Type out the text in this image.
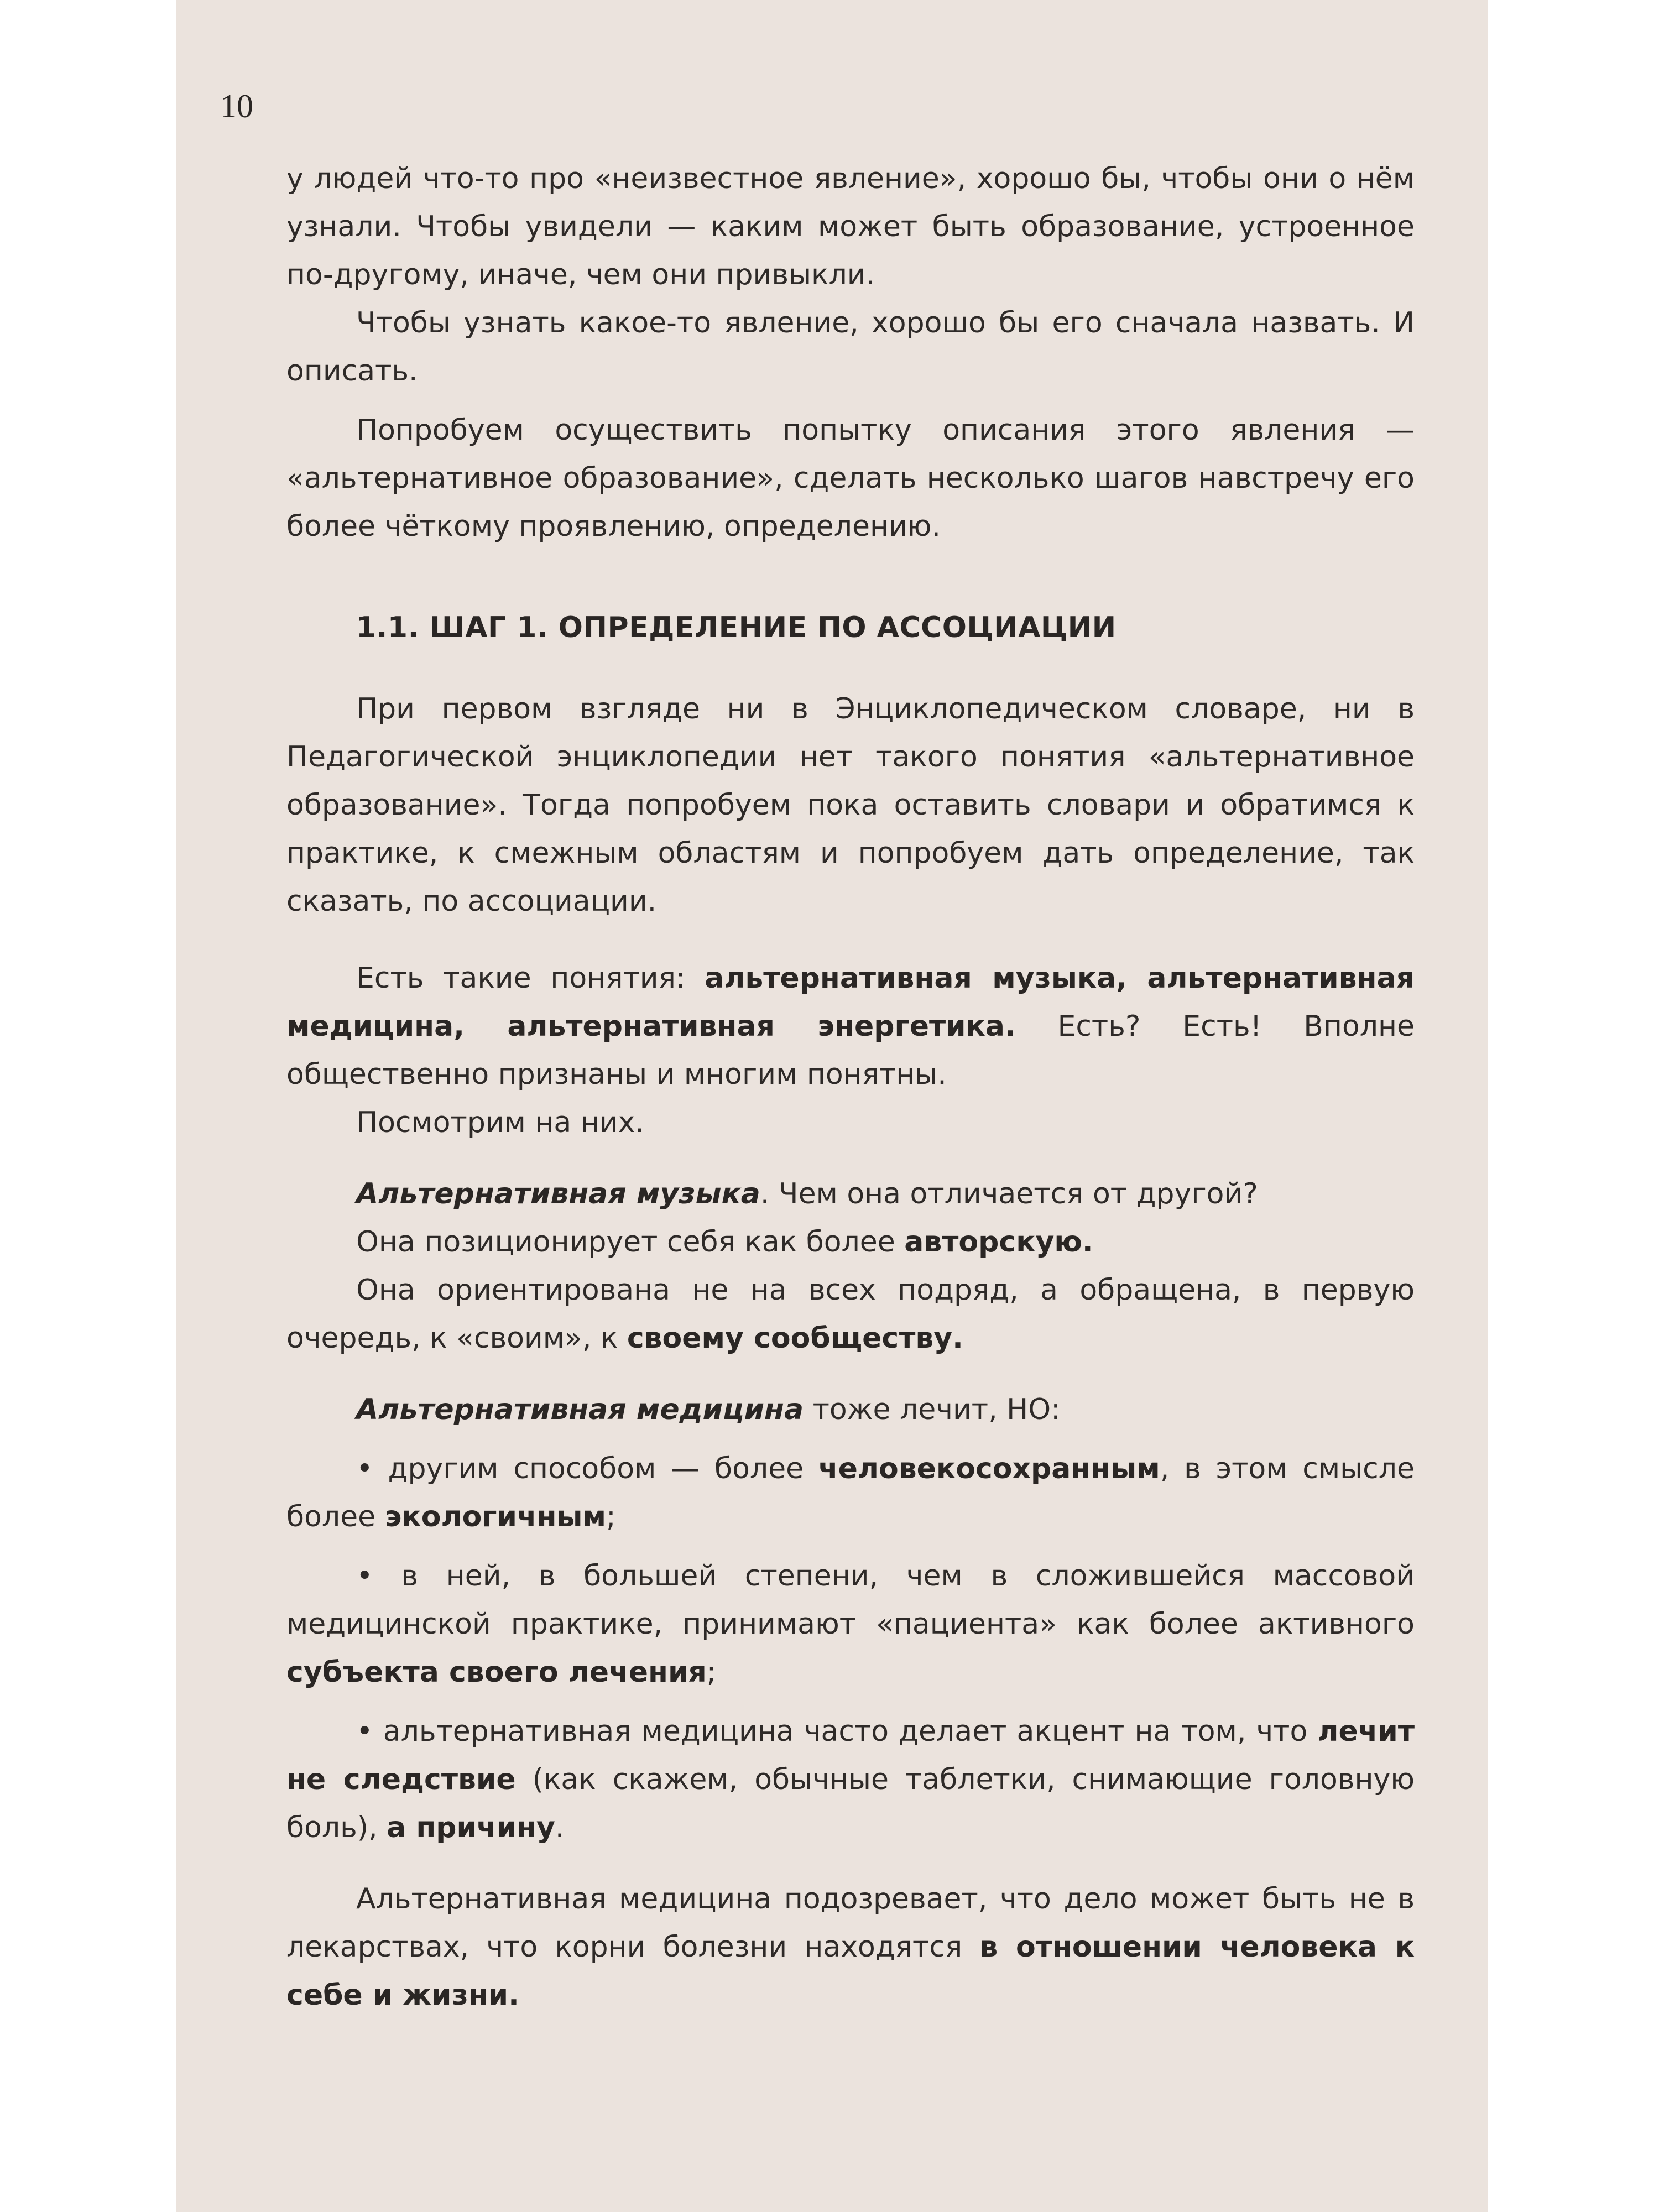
10

у людей что-то про «неизвестное явление», хорошо бы, чтобы они о нём узнали. Чтобы увидели — каким может быть образование, устроенное по-другому, иначе, чем они привыкли.

Чтобы узнать какое-то явление, хорошо бы его сначала назвать. И описать.

Попробуем осуществить попытку описания этого явления — «альтернативное образование», сделать несколько шагов навстречу его более чёткому проявлению, определению.

1.1. ШАГ 1. ОПРЕДЕЛЕНИЕ ПО АССОЦИАЦИИ

При первом взгляде ни в Энциклопедическом словаре, ни в Педагогической энциклопедии нет такого понятия «альтернативное образование». Тогда попробуем пока оставить словари и обратимся к практике, к смежным областям и попробуем дать определение, так сказать, по ассоциации.

Есть такие понятия: альтернативная музыка, альтернативная медицина, альтернативная энергетика. Есть? Есть! Вполне общественно признаны и многим понятны.

Посмотрим на них.

Альтернативная музыка. Чем она отличается от другой?

Она позиционирует себя как более авторскую.

Она ориентирована не на всех подряд, а обращена, в первую очередь, к «своим», к своему сообществу.

Альтернативная медицина тоже лечит, НО:

• другим способом — более человекосохранным, в этом смысле более экологичным;

• в ней, в большей степени, чем в сложившейся массовой медицинской практике, принимают «пациента» как более активного субъекта своего лечения;

• альтернативная медицина часто делает акцент на том, что лечит не следствие (как скажем, обычные таблетки, снимающие головную боль), а причину.

Альтернативная медицина подозревает, что дело может быть не в лекарствах, что корни болезни находятся в отношении человека к себе и жизни.
